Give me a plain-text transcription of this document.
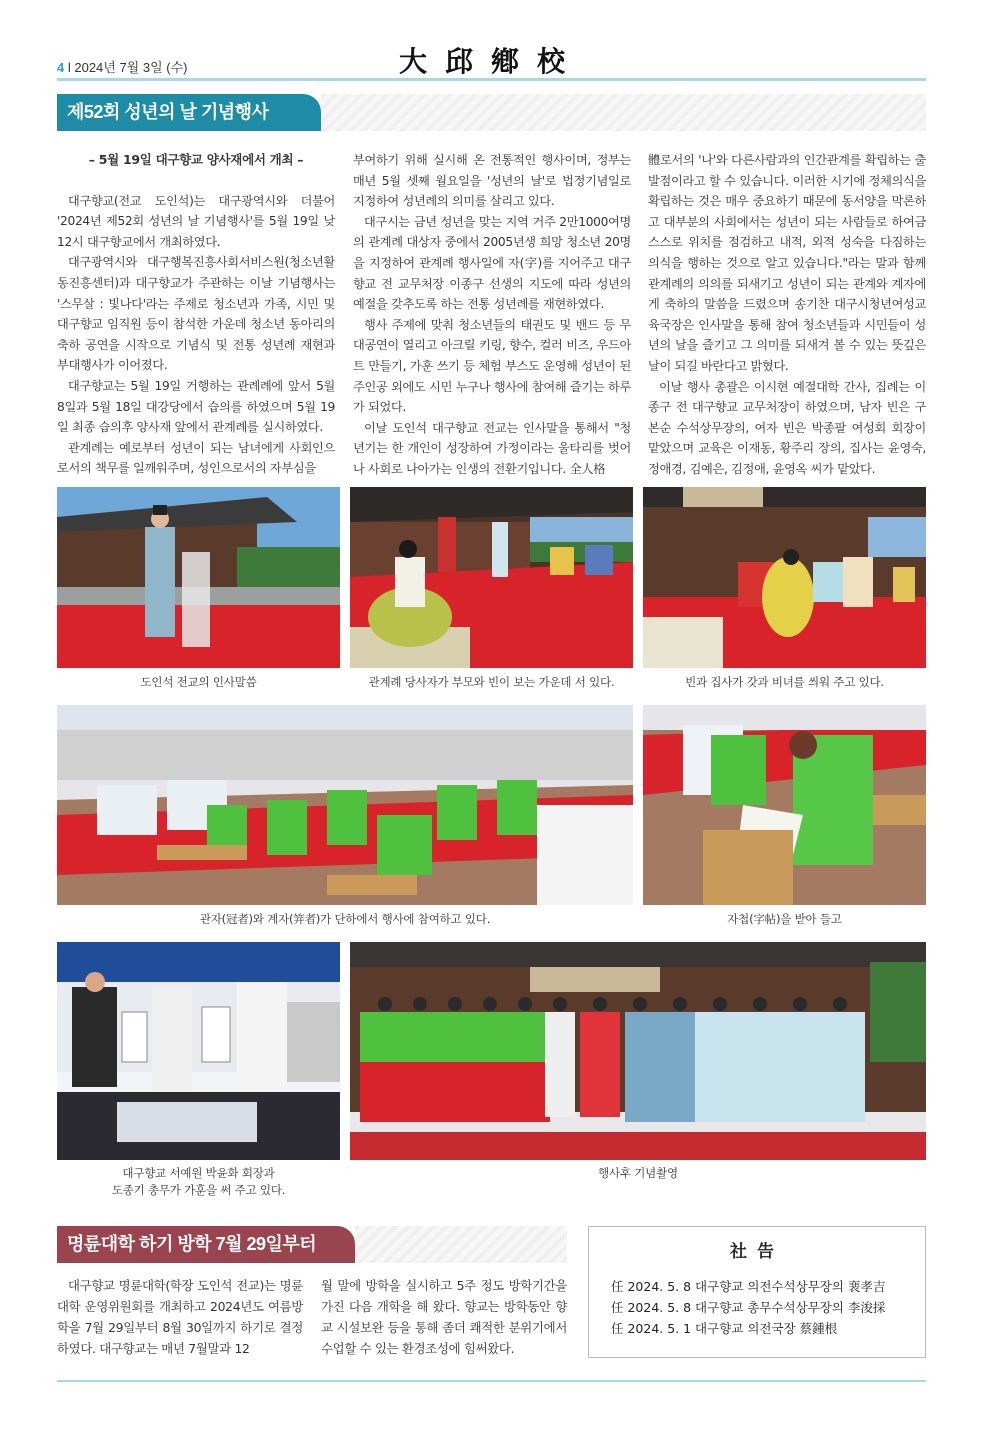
4 l 2024년 7월 3일 (수)	大邱鄕校
제52회 성년의 날 기념행사

– 5월 19일 대구향교 양사재에서 개최 –

대구향교(전교 도인석)는 대구광역시와 더불어 '2024년 제52회 성년의 날 기념행사'를 5월 19일 낮 12시 대구향교에서 개최하였다.

대구광역시와 대구행복진흥사회서비스원(청소년활동진흥센터)과 대구향교가 주관하는 이날 기념행사는 '스무살 : 빛나다'라는 주제로 청소년과 가족, 시민 및 대구향교 임직원 등이 참석한 가운데 청소년 동아리의 축하 공연을 시작으로 기념식 및 전통 성년례 재현과 부대행사가 이어졌다.

대구향교는 5월 19일 거행하는 관례례에 앞서 5월 8일과 5월 18일 대강당에서 습의를 하였으며 5월 19일 최종 습의후 양사재 앞에서 관계례를 실시하였다.

관계례는 예로부터 성년이 되는 남녀에게 사회인으로서의 책무를 일깨워주며, 성인으로서의 자부심을

부여하기 위해 실시해 온 전통적인 행사이며, 정부는 매년 5월 셋째 월요일을 '성년의 날'로 법정기념일로 지정하여 성년례의 의미를 살리고 있다.

대구시는 금년 성년을 맞는 지역 거주 2만1000여명의 관계례 대상자 중에서 2005년생 희망 청소년 20명을 지정하여 관계례 행사일에 자(字)를 지어주고 대구향교 전 교무처장 이종구 선생의 지도에 따라 성년의 예절을 갖추도록 하는 전통 성년례를 재현하였다.

행사 주제에 맞춰 청소년들의 태권도 및 밴드 등 무대공연이 열리고 아크릴 키링, 향수, 컬러 비즈, 우드아트 만들기, 가훈 쓰기 등 체험 부스도 운영해 성년이 된 주인공 외에도 시민 누구나 행사에 참여해 즐기는 하루가 되었다.

이날 도인석 대구향교 전교는 인사말을 통해서 "청년기는 한 개인이 성장하여 가정이라는 울타리를 벗어나 사회로 나아가는 인생의 전환기입니다. 全人格

體로서의 '나'와 다른사람과의 인간관계를 확립하는 출발점이라고 할 수 있습니다. 이러한 시기에 정체의식을 확립하는 것은 매우 중요하기 때문에 동서양을 막론하고 대부분의 사회에서는 성년이 되는 사람들로 하여금 스스로 위치를 점검하고 내적, 외적 성숙을 다짐하는 의식을 행하는 것으로 알고 있습니다."라는 말과 함께 관계례의 의의를 되새기고 성년이 되는 관계와 계자에게 축하의 말씀을 드렸으며 송기찬 대구시청년여성교육국장은 인사말을 통해 참여 청소년들과 시민들이 성년의 날을 즐기고 그 의미를 되새겨 볼 수 있는 뜻깊은 날이 되길 바란다고 밝혔다.

이날 행사 총괄은 이시현 예절대학 간사, 집례는 이종구 전 대구향교 교무처장이 하였으며, 남자 빈은 구본순 수석상무장의, 여자 빈은 박종팔 여성회 회장이 맡았으며 교육은 이재동, 황주리 장의, 집사는 윤영숙, 정애경, 김예은, 김정애, 윤영옥 씨가 맡았다.

도인석 전교의 인사말씀	관계례 당사자가 부모와 빈이 보는 가운데 서 있다.	빈과 집사가 갓과 비녀를 씌워 주고 있다.
관자(冠者)와 계자(笄者)가 단하에서 행사에 참여하고 있다.	자첩(字帖)을 받아 들고
대구향교 서예원 박윤화 회장과
도종기 총무가 가훈을 써 주고 있다.
행사후 기념촬영
명륜대학 하기 방학 7월 29일부터
대구향교 명륜대학(학장 도인석 전교)는 명륜대학 운영위원회를 개최하고 2024년도 여름방학을 7월 29일부터 8월 30일까지 하기로 결정하였다. 대구향교는 매년 7월말과 12
월 말에 방학을 실시하고 5주 정도 방학기간을 가진 다음 개학을 해 왔다. 향교는 방학동안 향교 시설보완 등을 통해 좀더 쾌적한 분위기에서 수업할 수 있는 환경조성에 힘써왔다.
社告
任 2024. 5. 8 대구향교 의전수석상무장의 裵孝吉
任 2024. 5. 8 대구향교 총무수석상무장의 李浚採
任 2024. 5. 1 대구향교 의전국장 蔡鍾根
